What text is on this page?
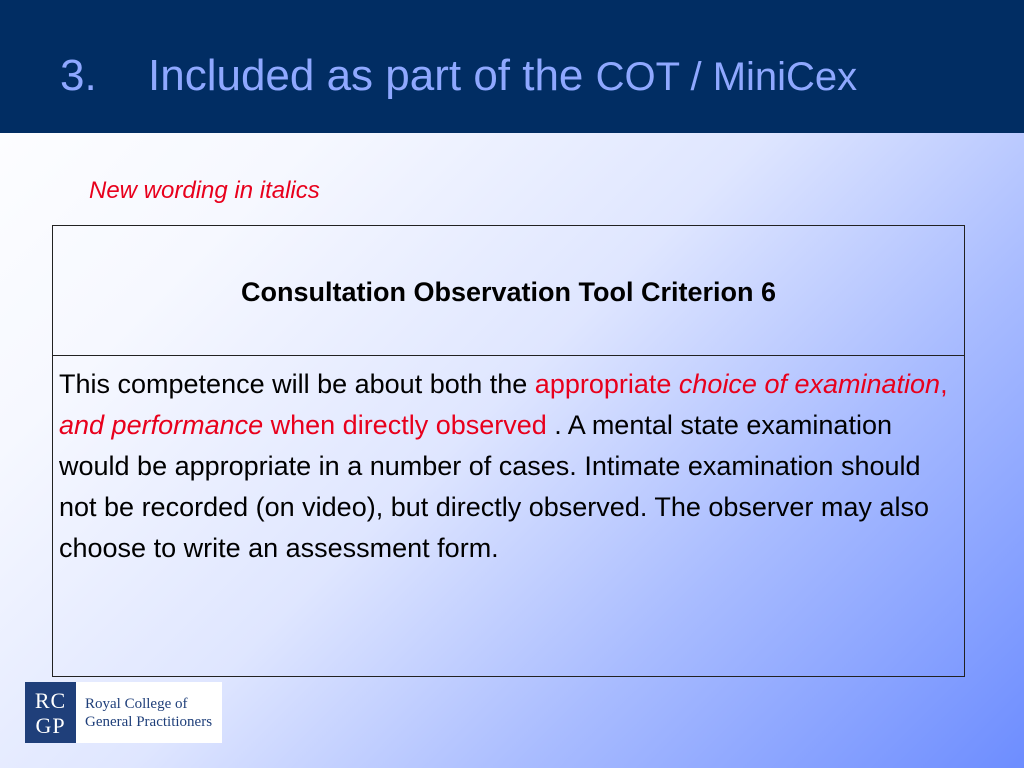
3. Included as part of the COT / MiniCex
New wording in italics
Consultation Observation Tool Criterion 6
This competence will be about both the appropriate choice of examination, and performance when directly observed . A mental state examination would be appropriate in a number of cases. Intimate examination should not be recorded (on video), but directly observed. The observer may also choose to write an assessment form.
RC
GP
Royal College of
General Practitioners
